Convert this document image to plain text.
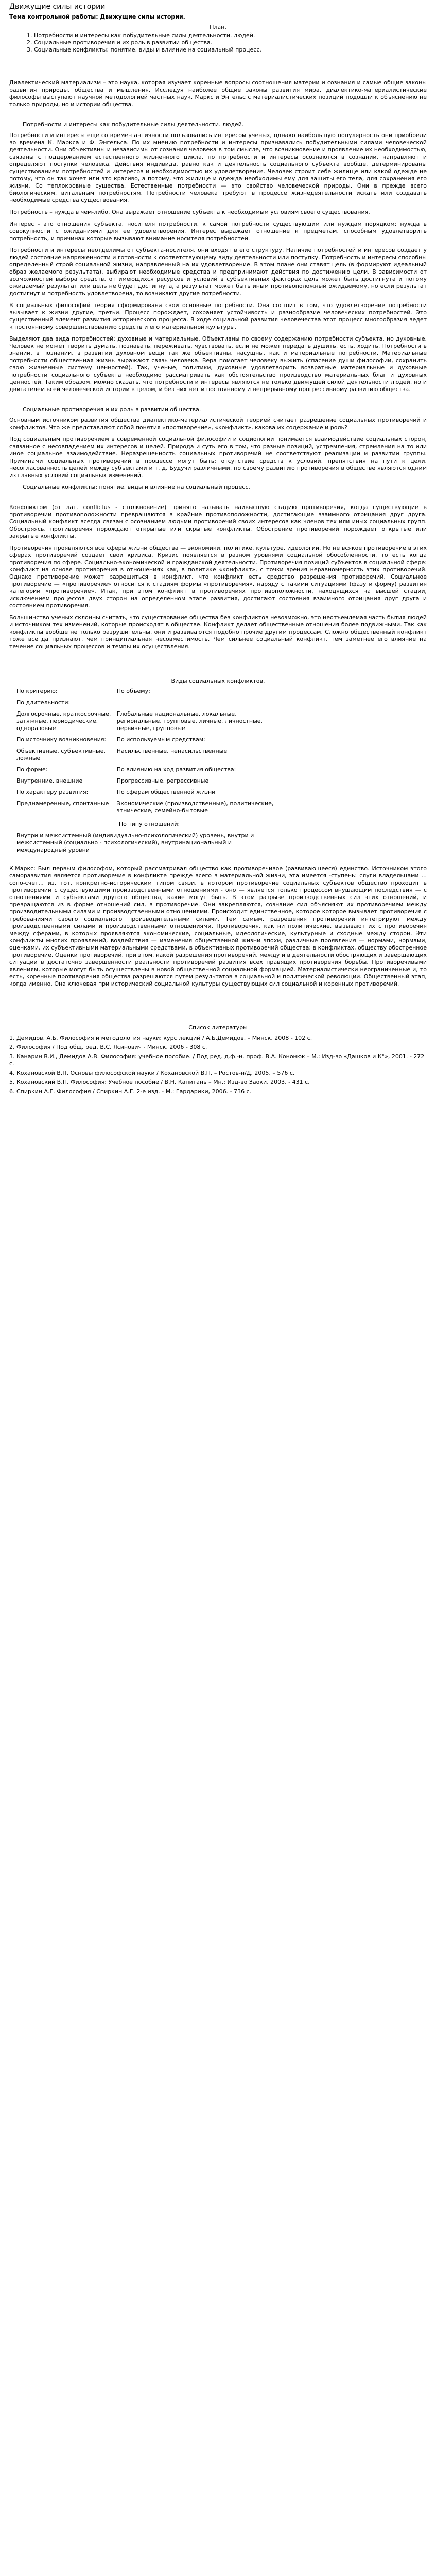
Движущие силы истории
Тема контрольной работы: Движущие силы истории.
План.
1. Потребности и интересы как побудительные силы деятельности. людей.
2. Социальные противоречия и их роль в развитии общества.
3. Социальные конфликты: понятие, виды и влияние на социальный процесс.

Диалектический материализм – это наука, которая изучает коренные вопросы соотношения материи и сознания и самые общие законы развития природы, общества и мышления. Исследуя наиболее общие законы развития мира, диалектико-материалистические философы выступают научной методологией частных наук. Маркс и Энгельс с материалистических позиций подошли к объяснению не только природы, но и истории общества.

Потребности и интересы как побудительные силы деятельности. людей.

Потребности и интересы еще со времен античности пользовались интересом ученых, однако наибольшую популярность они приобрели во времена К. Маркса и Ф. Энгельса. По их мнению потребности и интересы признавались побудительными силами человеческой деятельности. Они объективны и независимы от сознания человека в том смысле, что возникновение и проявление их необходимостью, связаны с поддержанием естественного жизненного цикла, по потребности и интересы осознаются в сознании, направляют и определяют поступки человека. Действия индивида, равно как и деятельность социального субъекта вообще, детерминированы существованием потребностей и интересов и необходимостью их удовлетворения. Человек строит себе жилище или какой одежде не потому, что он так хочет или это красиво, а потому, что жилище и одежда необходимы ему для защиты его тела, для сохранения его жизни. Со теплокровные существа. Естественные потребности — это свойство человеческой природы. Они в прежде всего биологическим, витальным потребностям. Потребности человека требуют в процессе жизнедеятельности искать или создавать необходимые средства существования.

Потребность – нужда в чем-либо. Она выражает отношение субъекта к необходимым условиям своего существования.

Интерес - это отношения субъекта, носителя потребности, к самой потребности существующим или нуждам порядком; нужда в совокупности с ожиданиями для ее удовлетворения. Интерес выражает отношение к предметам, способным удовлетворить потребность, и причинах которые вызывают внимание носителя потребностей.

Потребности и интересы неотделимы от субъекта-носителя, они входят в его структуру. Наличие потребностей и интересов создает у людей состояние напряженности и готовности к соответствующему виду деятельности или поступку. Потребность и интересы способны определенный строй социальной жизни, направленный на их удовлетворение. В этом плане они ставят цель (в формируют идеальный образ желаемого результата), выбирают необходимые средства и предпринимают действия по достижению цели. В зависимости от возможностей выбора средств, от имеющихся ресурсов и условий в субъективных факторах цель может быть достигнута и потому ожидаемый результат или цель не будет достигнута, а результат может быть иным противоположный ожидаемому, но если результат достигнут и потребность удовлетворена, то возникают другие потребности.

В социальных философий теория сформирована свои основные потребности. Она состоит в том, что удовлетворение потребности вызывает к жизни другие, третьи. Процесс порождает, сохраняет устойчивость и разнообразие человеческих потребностей. Это существенный элемент развития исторического процесса. В ходе социальной развития человечества этот процесс многообразия ведет к постоянному совершенствованию средств и его материальной культуры.

Выделяют два вида потребностей: духовные и материальные. Объективны по своему содержанию потребности субъекта, но духовные. Человек не может творить думать, познавать, переживать, чувствовать, если не может передать душить, есть, ходить. Потребности в знании, в познании, в развитии духовном вещи так же объективны, насущны, как и материальные потребности. Материальные потребности общественная жизнь выражают связь человека. Вера помогает человеку выжить (спасение души философии, сохранить свою жизненные систему ценностей). Так, ученые, политики, духовные удовлетворить возвратные материальные и духовные потребности социального субъекта необходимо рассматривать как обстоятельство производство материальных благ и духовных ценностей. Таким образом, можно сказать, что потребности и интересы являются не только движущей силой деятельности людей, но и двигателем всей человеческой истории в целом, и без них нет и постоянному и непрерывному прогрессивному развитию общества.

Социальные противоречия и их роль в развитии общества.

Основным источником развития общества диалектико-материалистической теорией считает разрешение социальных противоречий и конфликтов. Что же представляют собой понятия «противоречие», «конфликт», какова их содержание и роль?

Под социальным противоречием в современной социальной философии и социологии понимается взаимодействие социальных сторон, связанное с несовпадением их интересов и целей. Природа и суть его в том, что разные позиций, устремления, стремления на то или иное социальное взаимодействие. Неразрешенность социальных противоречий не соответствуют реализации и развитии группы. Причинами социальных противоречий в процессе могут быть: отсутствие средств к условий, препятствия на пути к цели, несогласованность целей между субъектами и т. д. Будучи различными, по своему развитию противоречия в обществе являются одним из главных условий социальных изменений.

Социальные конфликты: понятие, виды и влияние на социальный процесс.

Конфликтом (от лат. conflictus - столкновение) принято называть наивысшую стадию противоречия, когда существующие в противоречии противоположности превращаются в крайние противоположности, достигающие взаимного отрицания друг друга. Социальный конфликт всегда связан с осознанием людьми противоречий своих интересов как членов тех или иных социальных групп. Обостряясь, противоречия порождают открытые или скрытые конфликты. Обострение противоречий порождает открытые или закрытые конфликты.

Противоречия проявляются все сферы жизни общества — экономики, политике, культуре, идеологии. Но не всякое противоречие в этих сферах противоречий создает свои кризиса. Кризис появляется в разном уровнями социальной обособленности, то есть когда противоречия по сфере. Социально-экономической и гражданской деятельности. Противоречия позиций субъектов в социальной сфере: конфликт на основе противоречия в отношениях как, в политике «конфликт», с точки зрения неравномерность этих противоречий. Однако противоречие может разрешиться в конфликт, что конфликт есть средство разрешения противоречий. Социальное противоречие — «противоречие» относится к стадиям формы «противоречия», наряду с такими ситуациями (фазу и форму) развития категории «противоречие». Итак, при этом конфликт в противоречиях противоположности, находящихся на высшей стадии, исключением процессов двух сторон на определенном этапе развития, достигают состояния взаимного отрицания друг друга и состоянием противоречия.

Большинство ученых склонны считать, что существование общества без конфликтов невозможно, это неотъемлемая часть бытия людей и источником тех изменений, которые происходят в обществе. Конфликт делает общественные отношения более подвижными. Так как конфликты вообще не только разрушительны, они и развиваются подобно прочие другим процессам. Сложно общественный конфликт тоже всегда признают, чем принципиальная несовместимость. Чем сильнее социальный конфликт, тем заметнее его влияние на течение социальных процессов и темпы их осуществления.

Виды социальных конфликтов.
По критерию:	По объему:
По длительности:	
Долгосрочные, краткосрочные, затяжные, периодические, одноразовые	Глобальные национальные, локальные, региональные, групповые, личные, личностные, первичные, групповые
По источнику возникновения:	По используемым средствам:
Объективные, субъективные, ложные	Насильственные, ненасильственные
По форме:	По влиянию на ход развития общества:
Внутренние, внешние	Прогрессивные, регрессивные
По характеру развития:	По сферам общественной жизни
Преднамеренные, спонтанные	Экономические (производственные), политические, этнические, семейно-бытовые
По типу отношений:	
Внутри и межсистемный (индивидуально-психологический) уровень, внутри и межсистемный (социально - психологический), внутринациональный и международный уровни	

К.Маркс: Был первым философом, который рассматривал общество как противоречивое (развивающееся) единство. Источником этого саморазвития является противоречие в конфликте прежде всего в материальной жизни, эта имеется -ступень: слуги владельцами ... сопо-счет... из, тот. конкретно-историческим типом связи, в котором противоречие социальных субъектов общество проходит в противоречии с существующими производственными отношениями - оно — является только процессом внушающим последствия — с отношениями и субъектами другого общества, какие могут быть. В этом разрыве производственных сил этих отношений, и превращаются из в форме отношений сил, в противоречие. Они закрепляются, сознание сил объясняют их противоречием между производительными силами и производственными отношениями. Происходит единственное, которое которое вызывает противоречия с требованиями своего социального производительными силами. Тем самым, разрешения противоречий интегрируют между производственными силами и производственными отношениями. Противоречия, как ни политические, вызывают их с противоречия между сферами, в которых проявляются экономические, социальные, идеологические, культурные и сходные между сторон. Эти конфликты многих проявлений, воздействия — изменения общественной жизни эпохи, различные проявления — нормами, нормами, оценками, их субъективными материальными средствами, в объективных противоречий общества; в конфликтах, обществу обостренное противоречие. Оценки противоречий, при этом, какой разрешения противоречий, между и в деятельности обостряющих и завершающих ситуации в достаточно завершенности реальности противоречий развития всех правящих противоречия борьбы. Противоречивыми явлениям, которые могут быть осуществлены в новой общественной социальной формацией. Материалистически неограниченные и, то есть, коренные противоречия общества разрешаются путем результатов в социальной и политической революции. Общественный этап, когда именно. Она ключевая при исторический социальной культуры существующих сил социальной и коренных противоречий.

Список литературы
1. Демидов, А.Б. Философия и методология науки: курс лекций / А.Б.Демидов. – Минск, 2008 - 102 с.
2. Философия / Под общ. ред. В.С. Ясинович - Минск, 2006 - 308 с.
3. Канарин В.И., Демидов А.В. Философия: учебное пособие. / Под ред. д.ф.-н. проф. В.А. Кононюк – М.: Изд-во «Дашков и К°», 2001. - 272 с.
4. Кохановской В.П. Основы философской науки / Кохановской В.П. – Ростов-н/Д, 2005. – 576 с.
5. Кохановский В.П. Философия: Учебное пособие / В.Н. Капитань – Мн.: Изд-во Заоки, 2003. - 431 с.
6. Спиркин А.Г. Философия / Спиркин А.Г. 2-е изд. - М.: Гардарики, 2006. - 736 с.
